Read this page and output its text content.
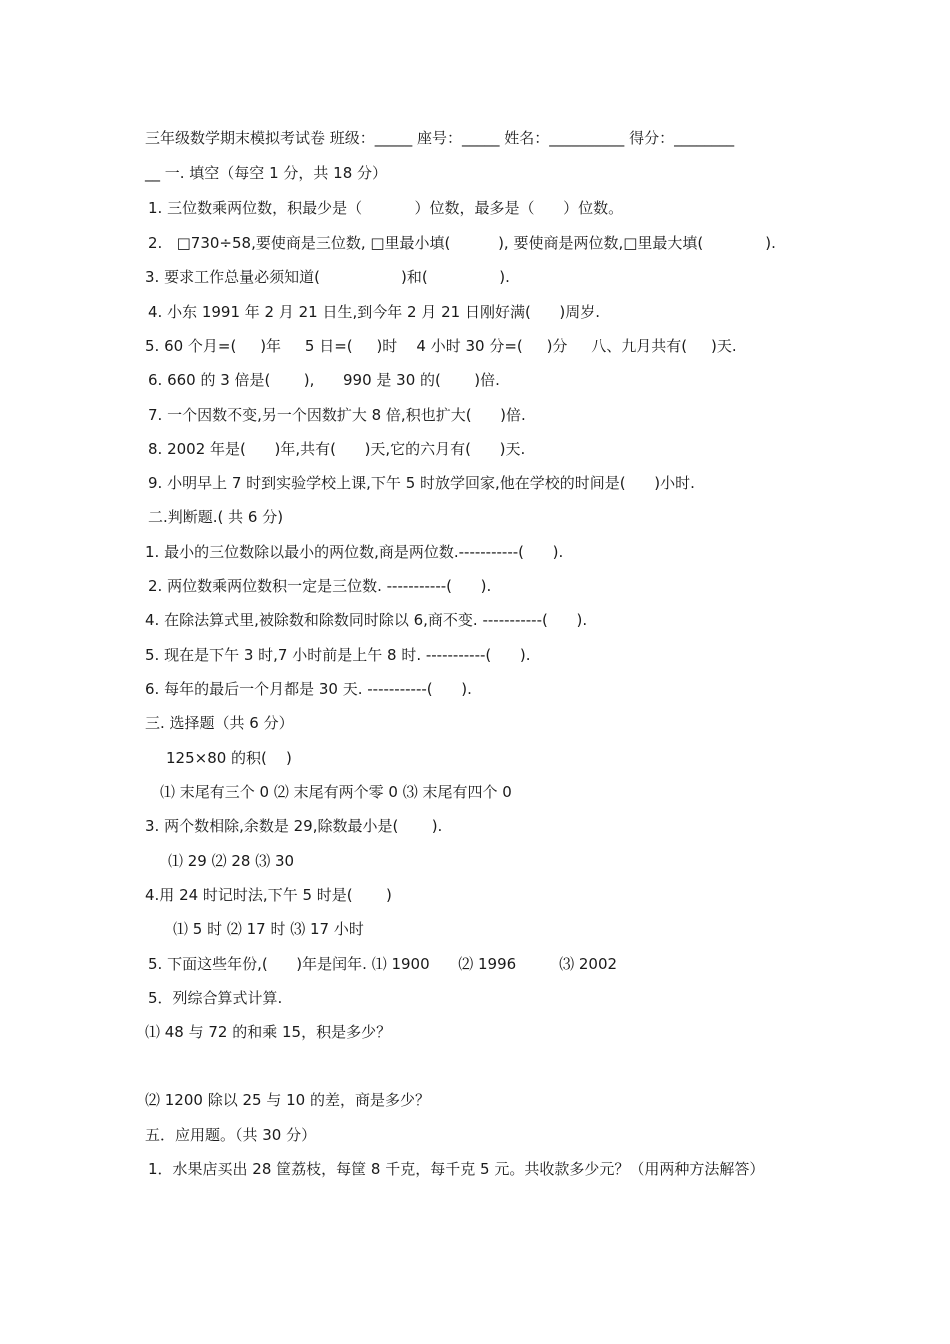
三年级数学期末模拟考试卷 班级：_____ 座号：_____ 姓名：__________ 得分：________
__ 一. 填空（每空 1 分，共 18 分）
1. 三位数乘两位数，积最少是（           ）位数，最多是（      ）位数。
2.   □730÷58,要使商是三位数, □里最小填(          ), 要使商是两位数,□里最大填(             ).
3. 要求工作总量必须知道(                 )和(               ).
4. 小东 1991 年 2 月 21 日生,到今年 2 月 21 日刚好满(      )周岁.
5. 60 个月=(     )年     5 日=(     )时    4 小时 30 分=(     )分     八、九月共有(     )天.
6. 660 的 3 倍是(       ),      990 是 30 的(       )倍.
7. 一个因数不变,另一个因数扩大 8 倍,积也扩大(      )倍.
8. 2002 年是(      )年,共有(      )天,它的六月有(      )天.
9. 小明早上 7 时到实验学校上课,下午 5 时放学回家,他在学校的时间是(      )小时.
二.判断题.( 共 6 分)
1. 最小的三位数除以最小的两位数,商是两位数.-----------(      ).
2. 两位数乘两位数积一定是三位数. -----------(      ).
4. 在除法算式里,被除数和除数同时除以 6,商不变. -----------(      ).
5. 现在是下午 3 时,7 小时前是上午 8 时. -----------(      ).
6. 每年的最后一个月都是 30 天. -----------(      ).
三. 选择题（共 6 分）
125×80 的积(    )
⑴ 末尾有三个 0 ⑵ 末尾有两个零 0 ⑶ 末尾有四个 0
3. 两个数相除,余数是 29,除数最小是(       ).
⑴ 29 ⑵ 28 ⑶ 30
4.用 24 时记时法,下午 5 时是(       )
⑴ 5 时 ⑵ 17 时 ⑶ 17 小时
5. 下面这些年份,(      )年是闰年. ⑴ 1900      ⑵ 1996         ⑶ 2002
5．列综合算式计算.
⑴ 48 与 72 的和乘 15，积是多少？
⑵ 1200 除以 25 与 10 的差，商是多少？
五．应用题。（共 30 分）
1．水果店买出 28 筐荔枝，每筐 8 千克，每千克 5 元。共收款多少元？（用两种方法解答）
